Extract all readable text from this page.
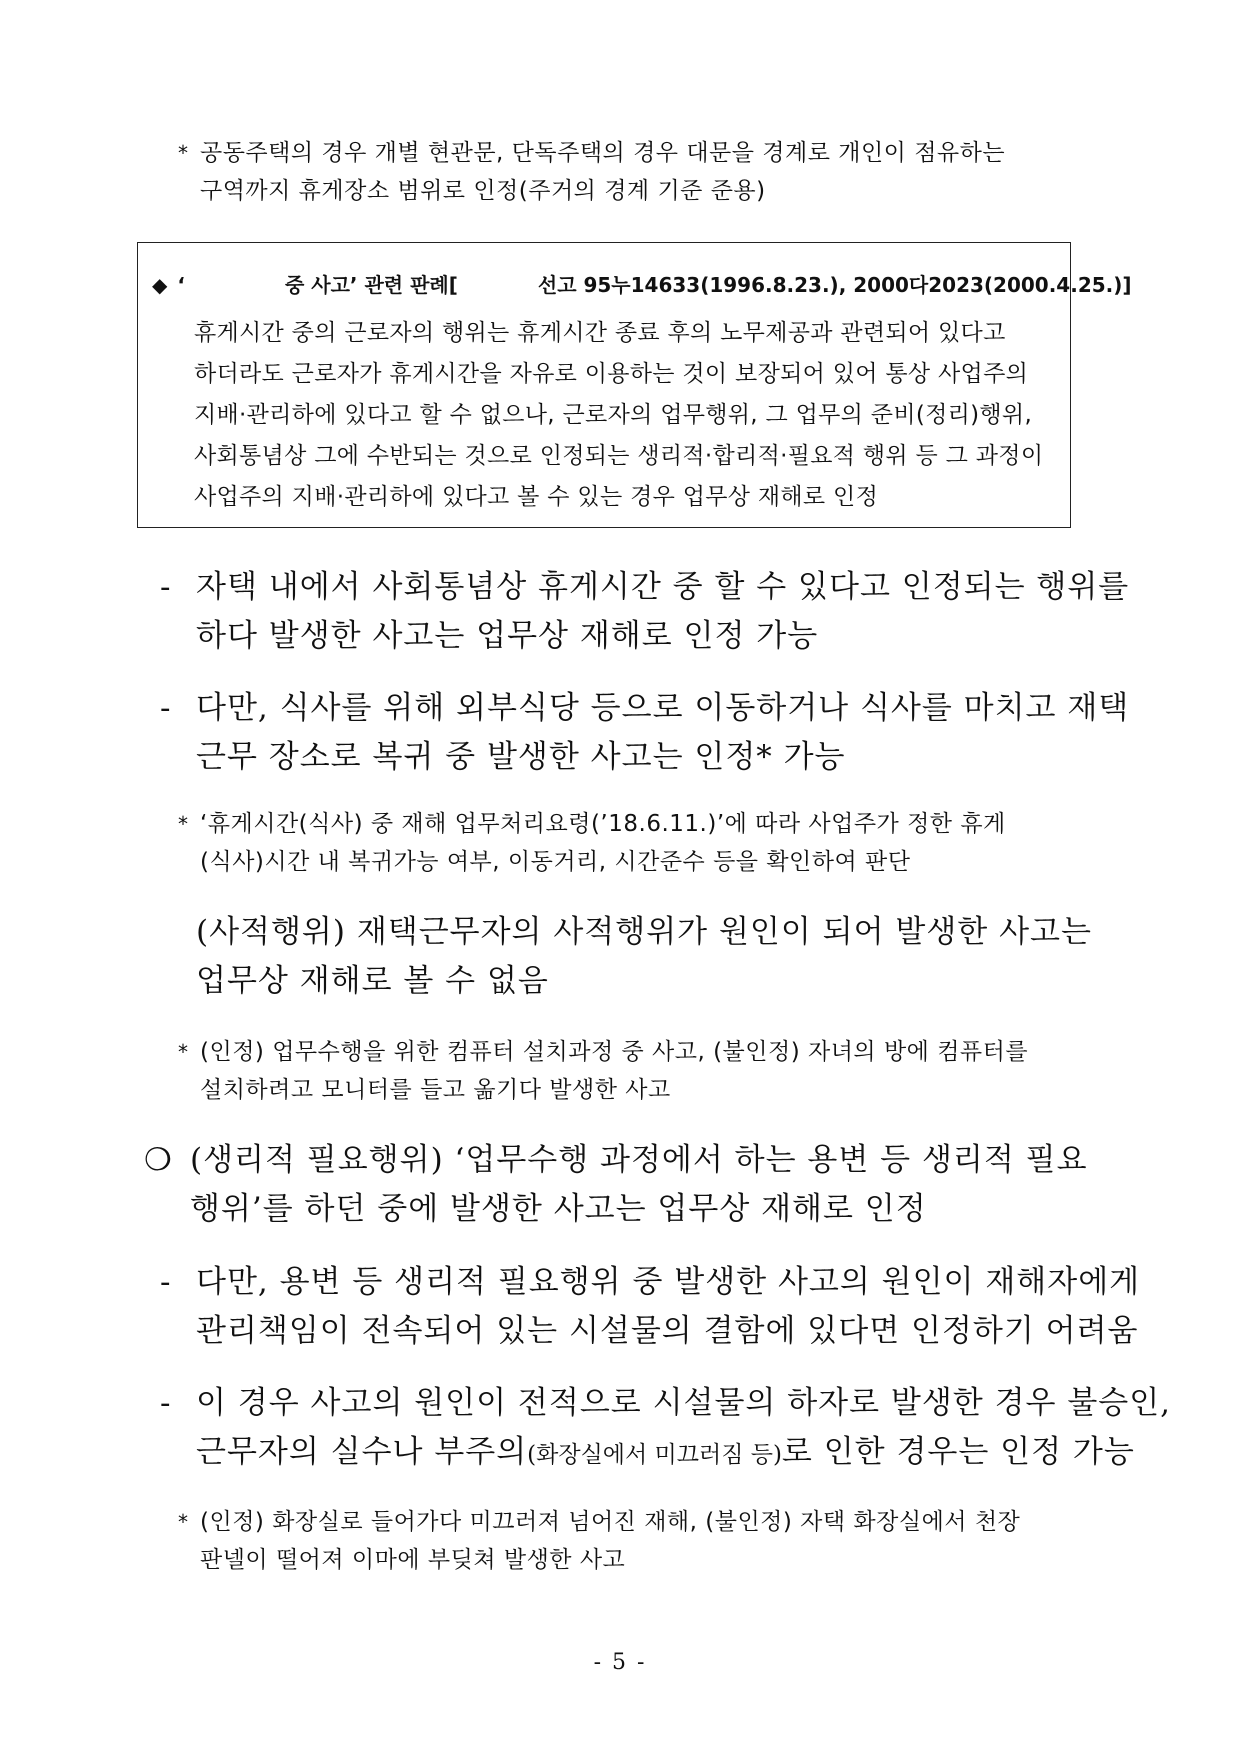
* 공동주택의 경우 개별 현관문, 단독주택의 경우 대문을 경계로 개인이 점유하는
구역까지 휴게장소 범위로 인정(주거의 경계 기준 준용)
◆ ‘	중 사고’ 관련 판례[	선고 95누14633(1996.8.23.), 2000다2023(2000.4.25.)]
휴게시간 중의 근로자의 행위는 휴게시간 종료 후의 노무제공과 관련되어 있다고
하더라도 근로자가 휴게시간을 자유로 이용하는 것이 보장되어 있어 통상 사업주의
지배·관리하에 있다고 할 수 없으나, 근로자의 업무행위, 그 업무의 준비(정리)행위,
사회통념상 그에 수반되는 것으로 인정되는 생리적·합리적·필요적 행위 등 그 과정이
사업주의 지배·관리하에 있다고 볼 수 있는 경우 업무상 재해로 인정
- 자택 내에서 사회통념상 휴게시간 중 할 수 있다고 인정되는 행위를
하다 발생한 사고는 업무상 재해로 인정 가능
- 다만, 식사를 위해 외부식당 등으로 이동하거나 식사를 마치고 재택
근무 장소로 복귀 중 발생한 사고는 인정* 가능
* ‘휴게시간(식사) 중 재해 업무처리요령(’18.6.11.)’에 따라 사업주가 정한 휴게
(식사)시간 내 복귀가능 여부, 이동거리, 시간준수 등을 확인하여 판단
(사적행위) 재택근무자의 사적행위가 원인이 되어 발생한 사고는
업무상 재해로 볼 수 없음
* (인정) 업무수행을 위한 컴퓨터 설치과정 중 사고, (불인정) 자녀의 방에 컴퓨터를
설치하려고 모니터를 들고 옮기다 발생한 사고
❍ (생리적 필요행위) ‘업무수행 과정에서 하는 용변 등 생리적 필요
행위’를 하던 중에 발생한 사고는 업무상 재해로 인정
- 다만, 용변 등 생리적 필요행위 중 발생한 사고의 원인이 재해자에게
관리책임이 전속되어 있는 시설물의 결함에 있다면 인정하기 어려움
- 이 경우 사고의 원인이 전적으로 시설물의 하자로 발생한 경우 불승인,
근무자의 실수나 부주의(화장실에서 미끄러짐 등)로 인한 경우는 인정 가능
* (인정) 화장실로 들어가다 미끄러져 넘어진 재해, (불인정) 자택 화장실에서 천장
판넬이 떨어져 이마에 부딪쳐 발생한 사고
- 5 -
